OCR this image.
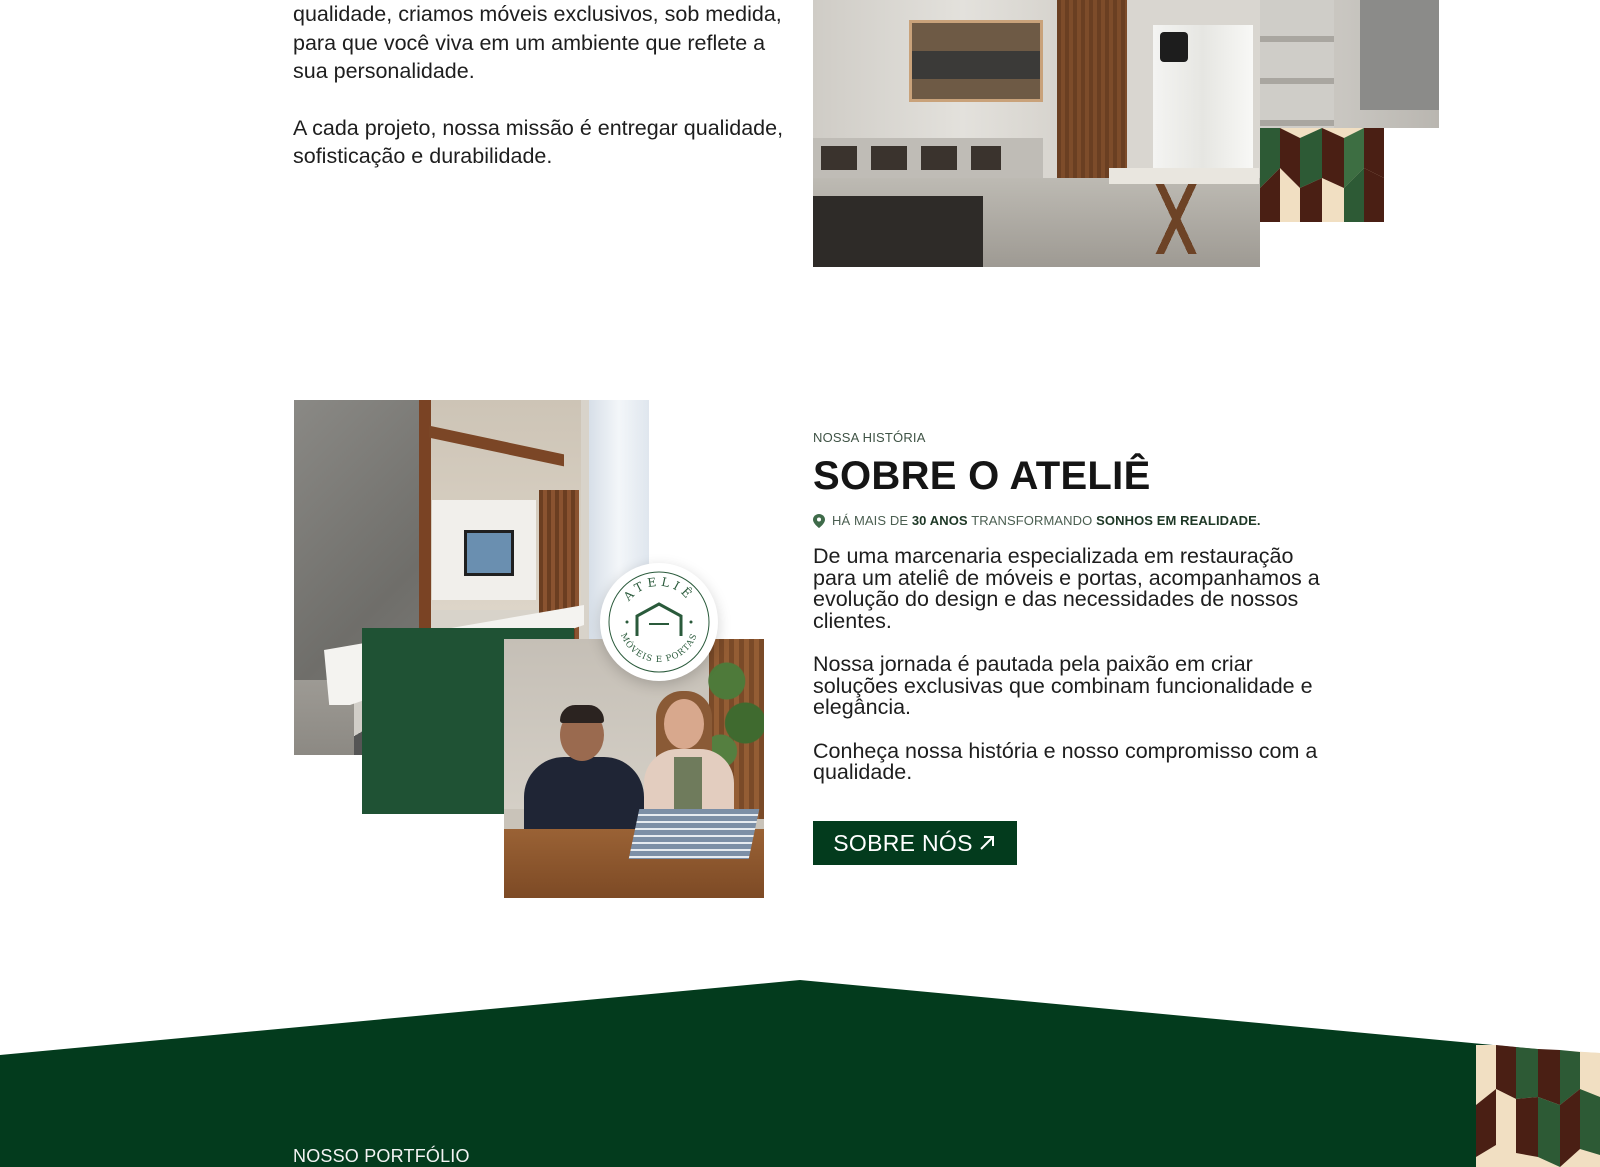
qualidade, criamos móveis exclusivos, sob medida, para que você viva em um ambiente que reflete a sua personalidade.

A cada projeto, nossa missão é entregar qualidade, sofisticação e durabilidade.

ATELIÊ
MÓVEIS E PORTAS
NOSSA HISTÓRIA
SOBRE O ATELIÊ
HÁ MAIS DE 30 ANOS TRANSFORMANDO SONHOS EM REALIDADE.

De uma marcenaria especializada em restauração para um ateliê de móveis e portas, acompanhamos a evolução do design e das necessidades de nossos clientes.

Nossa jornada é pautada pela paixão em criar soluções exclusivas que combinam funcionalidade e elegância.

Conheça nossa história e nosso compromisso com a qualidade.

SOBRE NÓS
NOSSO PORTFÓLIO
